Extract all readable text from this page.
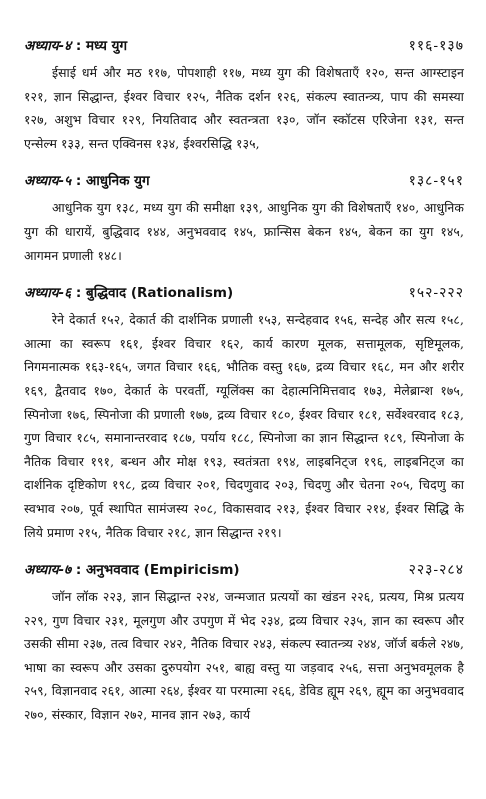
अध्याय-४ : मध्य युग	११६-१३७
ईसाई धर्म और मठ ११७, पोपशाही ११७, मध्य युग की विशेषताएँ १२०, सन्त आग्स्टाइन १२१, ज्ञान सिद्धान्त, ईश्वर विचार १२५, नैतिक दर्शन १२६, संकल्प स्वातन्त्र्य, पाप की समस्या १२७, अशुभ विचार १२९, नियतिवाद और स्वतन्त्रता १३०, जॉन स्कॉटस एरिजेना १३१, सन्त एन्सेल्म १३३, सन्त एक्विनस १३४, ईश्वरसिद्धि १३५,
अध्याय-५ : आधुनिक युग	१३८-१५१
आधुनिक युग १३८, मध्य युग की समीक्षा १३९, आधुनिक युग की विशेषताएँ १४०, आधुनिक युग की धारायें, बुद्धिवाद १४४, अनुभववाद १४५, फ्रान्सिस बेकन १४५, बेकन का युग १४५, आगमन प्रणाली १४८।
अध्याय-६ : बुद्धिवाद (Rationalism)	१५२-२२२
रेने देकार्त १५२, देकार्त की दार्शनिक प्रणाली १५३, सन्देहवाद १५६, सन्देह और सत्य १५८, आत्मा का स्वरूप १६१, ईश्वर विचार १६२, कार्य कारण मूलक, सत्तामूलक, सृष्टिमूलक, निगमनात्मक १६३-१६५, जगत विचार १६६, भौतिक वस्तु १६७, द्रव्य विचार १६८, मन और शरीर १६९, द्वैतवाद १७०, देकार्त के परवर्ती, ग्यूलिंक्स का देहात्मनिमित्तवाद १७३, मेलेब्रान्श १७५, स्पिनोजा १७६, स्पिनोजा की प्रणाली १७७, द्रव्य विचार १८०, ईश्वर विचार १८१, सर्वेश्वरवाद १८३, गुण विचार १८५, समानान्तरवाद १८७, पर्याय १८८, स्पिनोजा का ज्ञान सिद्धान्त १८९, स्पिनोजा के नैतिक विचार १९१, बन्धन और मोक्ष १९३, स्वतंत्रता १९४, लाइबनिट्ज १९६, लाइबनिट्ज का दार्शनिक दृष्टिकोण १९८, द्रव्य विचार २०१, चिदणुवाद २०३, चिदणु और चेतना २०५, चिदणु का स्वभाव २०७, पूर्व स्थापित सामंजस्य २०८, विकासवाद २१३, ईश्वर विचार २१४, ईश्वर सिद्धि के लिये प्रमाण २१५, नैतिक विचार २१८, ज्ञान सिद्धान्त २१९।
अध्याय-७ : अनुभववाद (Empiricism)	२२३-२८४
जॉन लॉक २२३, ज्ञान सिद्धान्त २२४, जन्मजात प्रत्ययों का खंडन २२६, प्रत्यय, मिश्र प्रत्यय २२९, गुण विचार २३१, मूलगुण और उपगुण में भेद २३४, द्रव्य विचार २३५, ज्ञान का स्वरूप और उसकी सीमा २३७, तत्व विचार २४२, नैतिक विचार २४३, संकल्प स्वातन्त्र्य २४४, जॉर्ज बर्कले २४७, भाषा का स्वरूप और उसका दुरुपयोग २५१, बाह्य वस्तु या जड़वाद २५६, सत्ता अनुभवमूलक है २५९, विज्ञानवाद २६१, आत्मा २६४, ईश्वर या परमात्मा २६६, डेविड ह्यूम २६९, ह्यूम का अनुभववाद २७०, संस्कार, विज्ञान २७२, मानव ज्ञान २७३, कार्य
